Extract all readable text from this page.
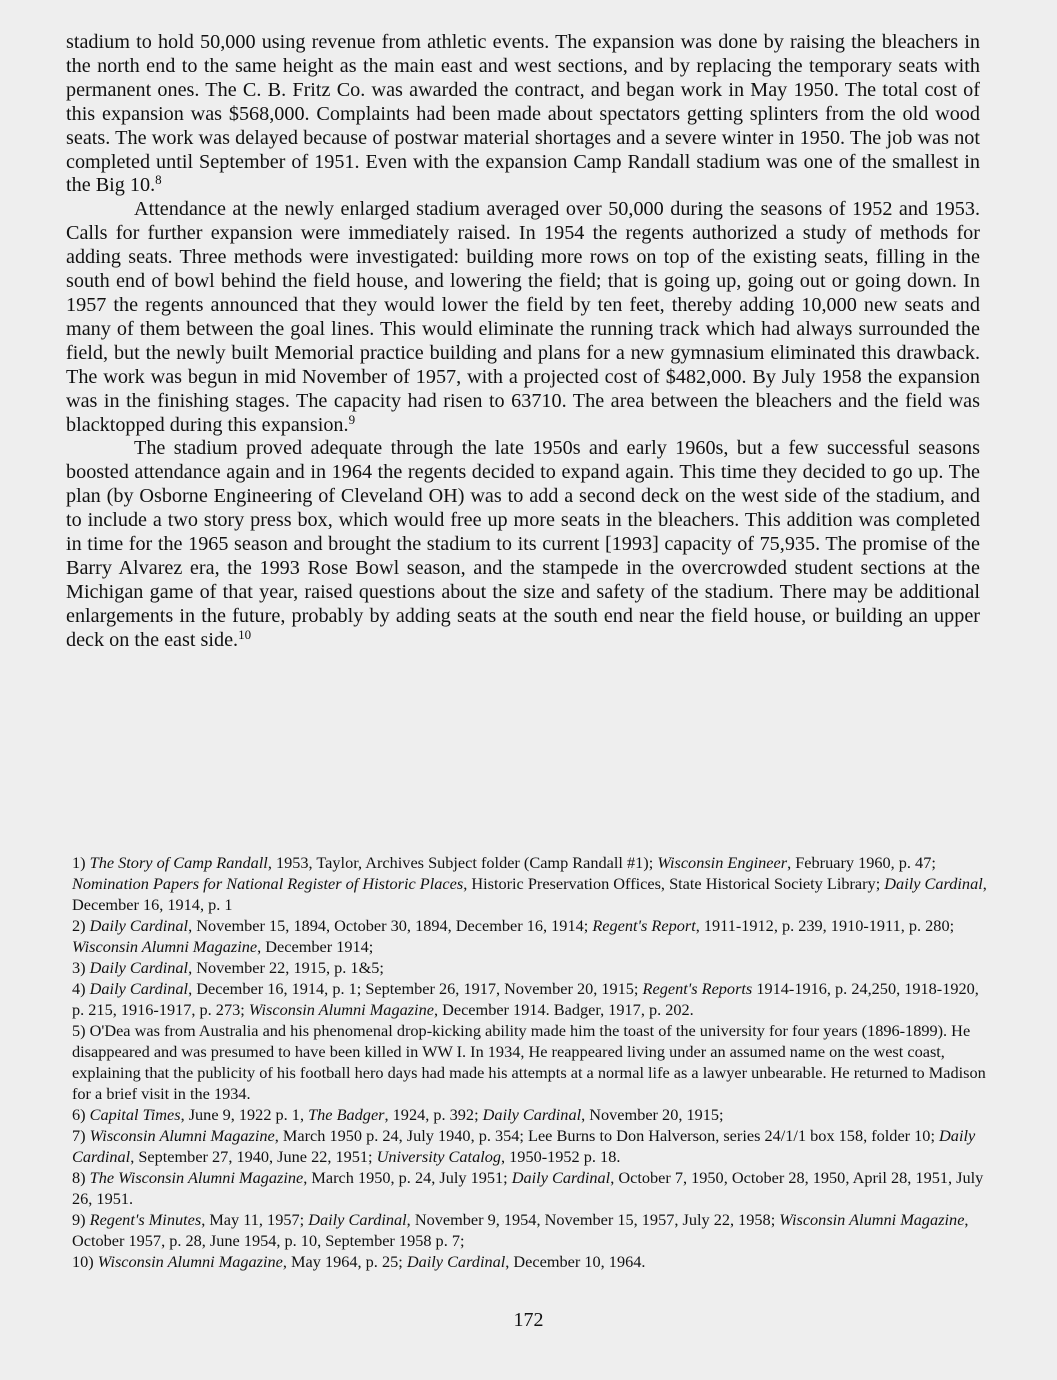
stadium to hold 50,000 using revenue from athletic events. The expansion was done by raising the bleachers in the north end to the same height as the main east and west sections, and by replacing the temporary seats with permanent ones. The C. B. Fritz Co. was awarded the contract, and began work in May 1950. The total cost of this expansion was $568,000. Complaints had been made about spectators getting splinters from the old wood seats. The work was delayed because of postwar material shortages and a severe winter in 1950. The job was not completed until September of 1951. Even with the expansion Camp Randall stadium was one of the smallest in the Big 10.$^8$

Attendance at the newly enlarged stadium averaged over 50,000 during the seasons of 1952 and 1953. Calls for further expansion were immediately raised. In 1954 the regents authorized a study of methods for adding seats. Three methods were investigated: building more rows on top of the existing seats, filling in the south end of bowl behind the field house, and lowering the field; that is going up, going out or going down. In 1957 the regents announced that they would lower the field by ten feet, thereby adding 10,000 new seats and many of them between the goal lines. This would eliminate the running track which had always surrounded the field, but the newly built Memorial practice building and plans for a new gymnasium eliminated this drawback. The work was begun in mid November of 1957, with a projected cost of $482,000. By July 1958 the expansion was in the finishing stages. The capacity had risen to 63710. The area between the bleachers and the field was blacktopped during this expansion.$^9$

The stadium proved adequate through the late 1950s and early 1960s, but a few successful seasons boosted attendance again and in 1964 the regents decided to expand again. This time they decided to go up. The plan (by Osborne Engineering of Cleveland OH) was to add a second deck on the west side of the stadium, and to include a two story press box, which would free up more seats in the bleachers. This addition was completed in time for the 1965 season and brought the stadium to its current [1993] capacity of 75,935. The promise of the Barry Alvarez era, the 1993 Rose Bowl season, and the stampede in the overcrowded student sections at the Michigan game of that year, raised questions about the size and safety of the stadium. There may be additional enlargements in the future, probably by adding seats at the south end near the field house, or building an upper deck on the east side.$^{10}$

1) The Story of Camp Randall, 1953, Taylor, Archives Subject folder (Camp Randall #1); Wisconsin Engineer, February 1960, p. 47; Nomination Papers for National Register of Historic Places, Historic Preservation Offices, State Historical Society Library; Daily Cardinal, December 16, 1914, p. 1

2) Daily Cardinal, November 15, 1894, October 30, 1894, December 16, 1914; Regent's Report, 1911-1912, p. 239, 1910-1911, p. 280; Wisconsin Alumni Magazine, December 1914;

3) Daily Cardinal, November 22, 1915, p. 1&5;

4) Daily Cardinal, December 16, 1914, p. 1; September 26, 1917, November 20, 1915; Regent's Reports 1914-1916, p. 24,250, 1918-1920, p. 215, 1916-1917, p. 273; Wisconsin Alumni Magazine, December 1914. Badger, 1917, p. 202.

5) O'Dea was from Australia and his phenomenal drop-kicking ability made him the toast of the university for four years (1896-1899). He disappeared and was presumed to have been killed in WW I. In 1934, He reappeared living under an assumed name on the west coast, explaining that the publicity of his football hero days had made his attempts at a normal life as a lawyer unbearable. He returned to Madison for a brief visit in the 1934.

6) Capital Times, June 9, 1922 p. 1, The Badger, 1924, p. 392; Daily Cardinal, November 20, 1915;

7) Wisconsin Alumni Magazine, March 1950 p. 24, July 1940, p. 354; Lee Burns to Don Halverson, series 24/1/1 box 158, folder 10; Daily Cardinal, September 27, 1940, June 22, 1951; University Catalog, 1950-1952 p. 18.

8) The Wisconsin Alumni Magazine, March 1950, p. 24, July 1951; Daily Cardinal, October 7, 1950, October 28, 1950, April 28, 1951, July 26, 1951.

9) Regent's Minutes, May 11, 1957; Daily Cardinal, November 9, 1954, November 15, 1957, July 22, 1958; Wisconsin Alumni Magazine, October 1957, p. 28, June 1954, p. 10, September 1958 p. 7;

10) Wisconsin Alumni Magazine, May 1964, p. 25; Daily Cardinal, December 10, 1964.

172
